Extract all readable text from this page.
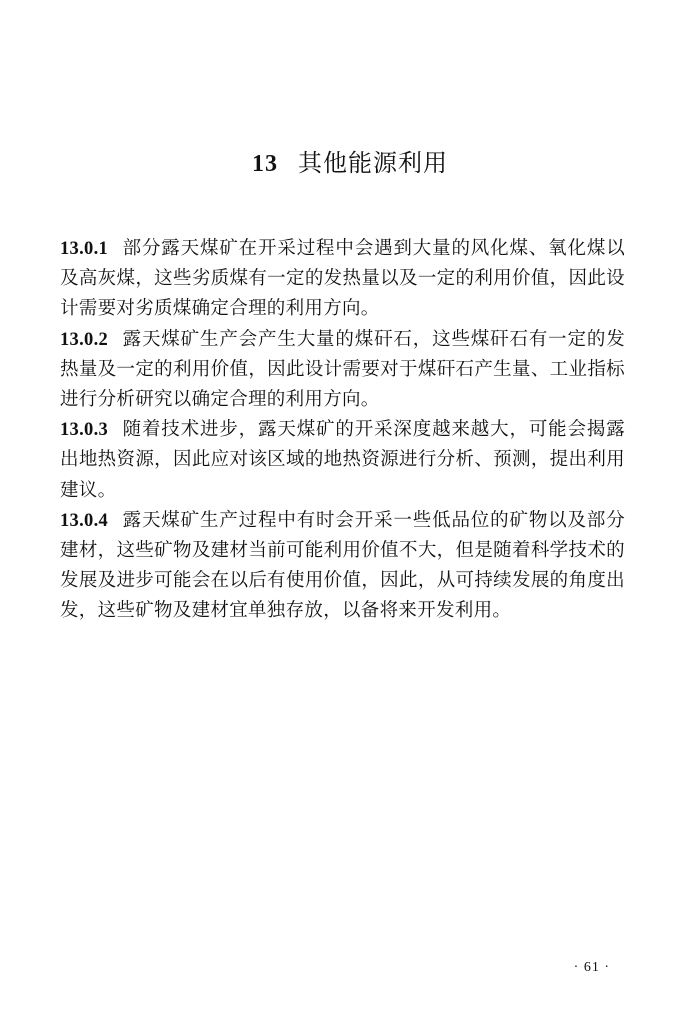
13 其他能源利用

13.0.1 部分露天煤矿在开采过程中会遇到大量的风化煤、氧化煤以及高灰煤，这些劣质煤有一定的发热量以及一定的利用价值，因此设计需要对劣质煤确定合理的利用方向。

13.0.2 露天煤矿生产会产生大量的煤矸石，这些煤矸石有一定的发热量及一定的利用价值，因此设计需要对于煤矸石产生量、工业指标进行分析研究以确定合理的利用方向。

13.0.3 随着技术进步，露天煤矿的开采深度越来越大，可能会揭露出地热资源，因此应对该区域的地热资源进行分析、预测，提出利用建议。

13.0.4 露天煤矿生产过程中有时会开采一些低品位的矿物以及部分建材，这些矿物及建材当前可能利用价值不大，但是随着科学技术的发展及进步可能会在以后有使用价值，因此，从可持续发展的角度出发，这些矿物及建材宜单独存放，以备将来开发利用。

· 61 ·
